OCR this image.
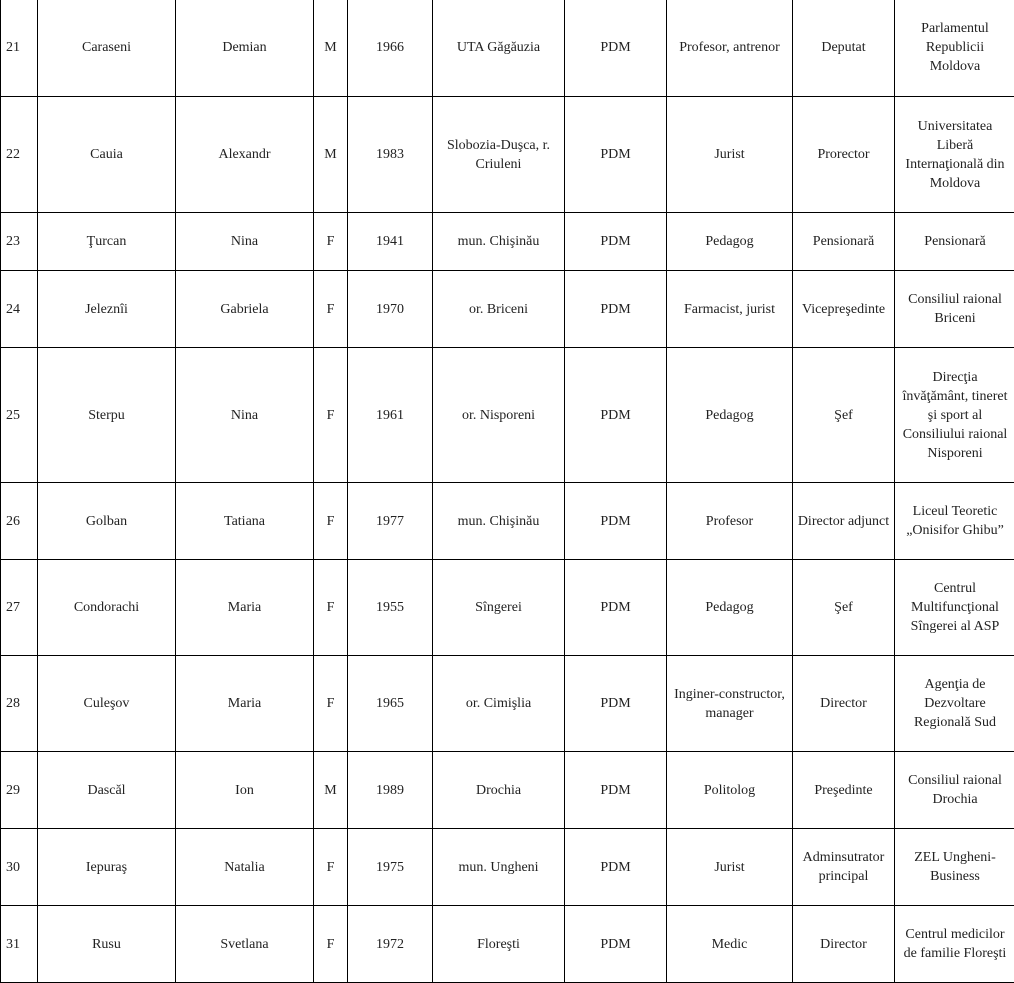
21	Caraseni	Demian	M	1966	UTA Găgăuzia	PDM	Profesor, antrenor	Deputat	Parlamentul Republicii Moldova
22	Cauia	Alexandr	M	1983	Slobozia-Duşca, r. Criuleni	PDM	Jurist	Prorector	Universitatea Liberă Internaţională din Moldova
23	Ţurcan	Nina	F	1941	mun. Chişinău	PDM	Pedagog	Pensionară	Pensionară
24	Jeleznîi	Gabriela	F	1970	or. Briceni	PDM	Farmacist, jurist	Vicepreşedinte	Consiliul raional Briceni
25	Sterpu	Nina	F	1961	or. Nisporeni	PDM	Pedagog	Şef	Direcţia învăţământ, tineret şi sport al Consiliului raional Nisporeni
26	Golban	Tatiana	F	1977	mun. Chişinău	PDM	Profesor	Director adjunct	Liceul Teoretic „Onisifor Ghibu”
27	Condorachi	Maria	F	1955	Sîngerei	PDM	Pedagog	Şef	Centrul Multifuncţional Sîngerei al ASP
28	Culeşov	Maria	F	1965	or. Cimişlia	PDM	Inginer-constructor, manager	Director	Agenţia de Dezvoltare Regională Sud
29	Dascăl	Ion	M	1989	Drochia	PDM	Politolog	Preşedinte	Consiliul raional Drochia
30	Iepuraş	Natalia	F	1975	mun. Ungheni	PDM	Jurist	Adminsutrator principal	ZEL Ungheni-Business
31	Rusu	Svetlana	F	1972	Floreşti	PDM	Medic	Director	Centrul medicilor de familie Floreşti
